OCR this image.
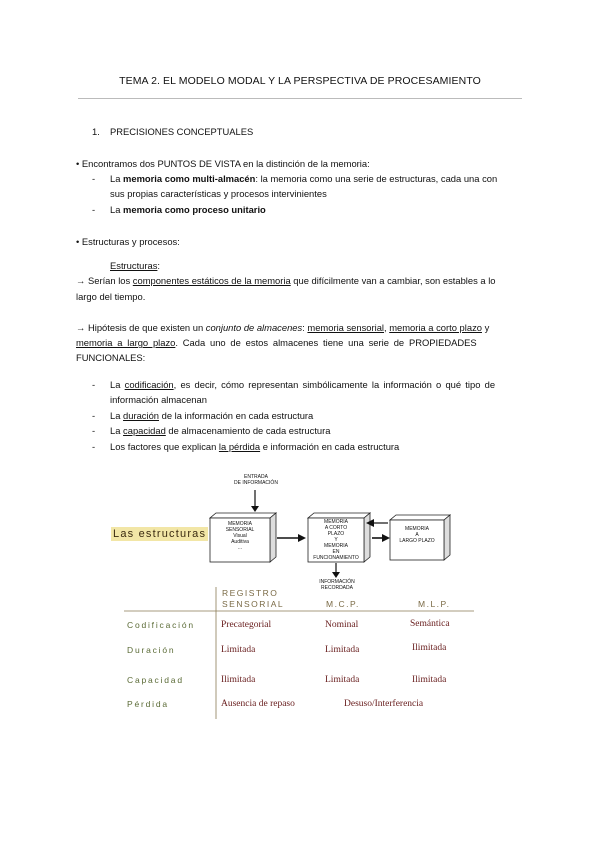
TEMA 2. EL MODELO MODAL Y LA PERSPECTIVA DE PROCESAMIENTO
1. PRECISIONES CONCEPTUALES
• Encontramos dos PUNTOS DE VISTA en la distinción de la memoria:
- La memoria como multi-almacén: la memoria como una serie de estructuras, cada una con
sus propias características y procesos intervinientes
- La memoria como proceso unitario
• Estructuras y procesos:
Estructuras:
→ Serían los componentes estáticos de la memoria que difícilmente van a cambiar, son estables a lo
largo del tiempo.
→ Hipótesis de que existen un conjunto de almacenes: memoria sensorial, memoria a corto plazo y
memoria a largo plazo. Cada uno de estos almacenes tiene una serie de PROPIEDADES
FUNCIONALES:
- La codificación, es decir, cómo representan simbólicamente la información o qué tipo de
información almacenan
- La duración de la información en cada estructura
- La capacidad de almacenamiento de cada estructura
- Los factores que explican la pérdida e información en cada estructura
Las estructuras
ENTRADA
DE INFORMACIÓN
MEMORIA
SENSORIAL
Visual
Auditiva
...
MEMORIA
A CORTO
PLAZO
Y
MEMORIA
EN
FUNCIONAMIENTO
MEMORIA
A
LARGO PLAZO
INFORMACIÓN
RECORDADA
REGISTRO
SENSORIAL	M.C.P.	M.L.P.
Codificación	Precategorial	Nominal	Semántica
Duración	Limitada	Limitada	Ilimitada
Capacidad	Ilimitada	Limitada	Ilimitada
Pérdida	Ausencia de repaso	Desuso/Interferencia
